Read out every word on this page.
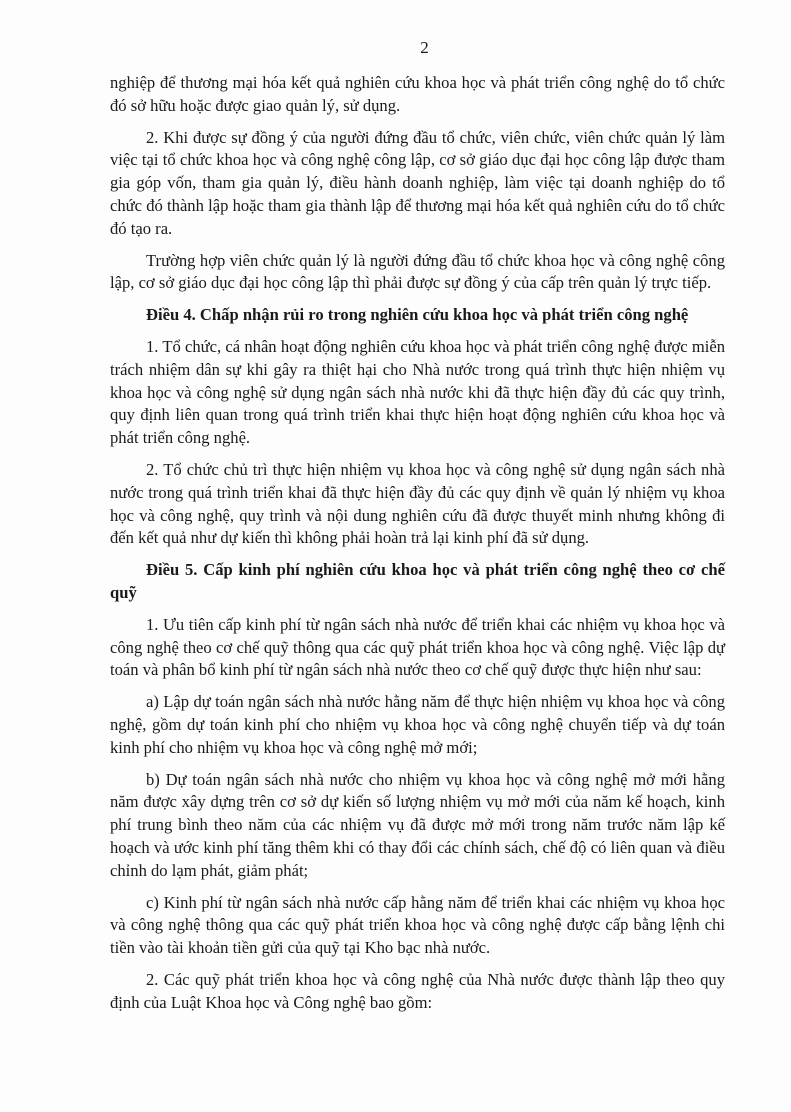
2

nghiệp để thương mại hóa kết quả nghiên cứu khoa học và phát triển công nghệ do tổ chức đó sở hữu hoặc được giao quản lý, sử dụng.

2. Khi được sự đồng ý của người đứng đầu tổ chức, viên chức, viên chức quản lý làm việc tại tổ chức khoa học và công nghệ công lập, cơ sở giáo dục đại học công lập được tham gia góp vốn, tham gia quản lý, điều hành doanh nghiệp, làm việc tại doanh nghiệp do tổ chức đó thành lập hoặc tham gia thành lập để thương mại hóa kết quả nghiên cứu do tổ chức đó tạo ra.

Trường hợp viên chức quản lý là người đứng đầu tổ chức khoa học và công nghệ công lập, cơ sở giáo dục đại học công lập thì phải được sự đồng ý của cấp trên quản lý trực tiếp.

Điều 4. Chấp nhận rủi ro trong nghiên cứu khoa học và phát triển công nghệ

1. Tổ chức, cá nhân hoạt động nghiên cứu khoa học và phát triển công nghệ được miễn trách nhiệm dân sự khi gây ra thiệt hại cho Nhà nước trong quá trình thực hiện nhiệm vụ khoa học và công nghệ sử dụng ngân sách nhà nước khi đã thực hiện đầy đủ các quy trình, quy định liên quan trong quá trình triển khai thực hiện hoạt động nghiên cứu khoa học và phát triển công nghệ.

2. Tổ chức chủ trì thực hiện nhiệm vụ khoa học và công nghệ sử dụng ngân sách nhà nước trong quá trình triển khai đã thực hiện đầy đủ các quy định về quản lý nhiệm vụ khoa học và công nghệ, quy trình và nội dung nghiên cứu đã được thuyết minh nhưng không đi đến kết quả như dự kiến thì không phải hoàn trả lại kinh phí đã sử dụng.

Điều 5. Cấp kinh phí nghiên cứu khoa học và phát triển công nghệ theo cơ chế quỹ

1. Ưu tiên cấp kinh phí từ ngân sách nhà nước để triển khai các nhiệm vụ khoa học và công nghệ theo cơ chế quỹ thông qua các quỹ phát triển khoa học và công nghệ. Việc lập dự toán và phân bổ kinh phí từ ngân sách nhà nước theo cơ chế quỹ được thực hiện như sau:

a) Lập dự toán ngân sách nhà nước hằng năm để thực hiện nhiệm vụ khoa học và công nghệ, gồm dự toán kinh phí cho nhiệm vụ khoa học và công nghệ chuyển tiếp và dự toán kinh phí cho nhiệm vụ khoa học và công nghệ mở mới;

b) Dự toán ngân sách nhà nước cho nhiệm vụ khoa học và công nghệ mở mới hằng năm được xây dựng trên cơ sở dự kiến số lượng nhiệm vụ mở mới của năm kế hoạch, kinh phí trung bình theo năm của các nhiệm vụ đã được mở mới trong năm trước năm lập kế hoạch và ước kinh phí tăng thêm khi có thay đổi các chính sách, chế độ có liên quan và điều chỉnh do lạm phát, giảm phát;

c) Kinh phí từ ngân sách nhà nước cấp hằng năm để triển khai các nhiệm vụ khoa học và công nghệ thông qua các quỹ phát triển khoa học và công nghệ được cấp bằng lệnh chi tiền vào tài khoản tiền gửi của quỹ tại Kho bạc nhà nước.

2. Các quỹ phát triển khoa học và công nghệ của Nhà nước được thành lập theo quy định của Luật Khoa học và Công nghệ bao gồm:
